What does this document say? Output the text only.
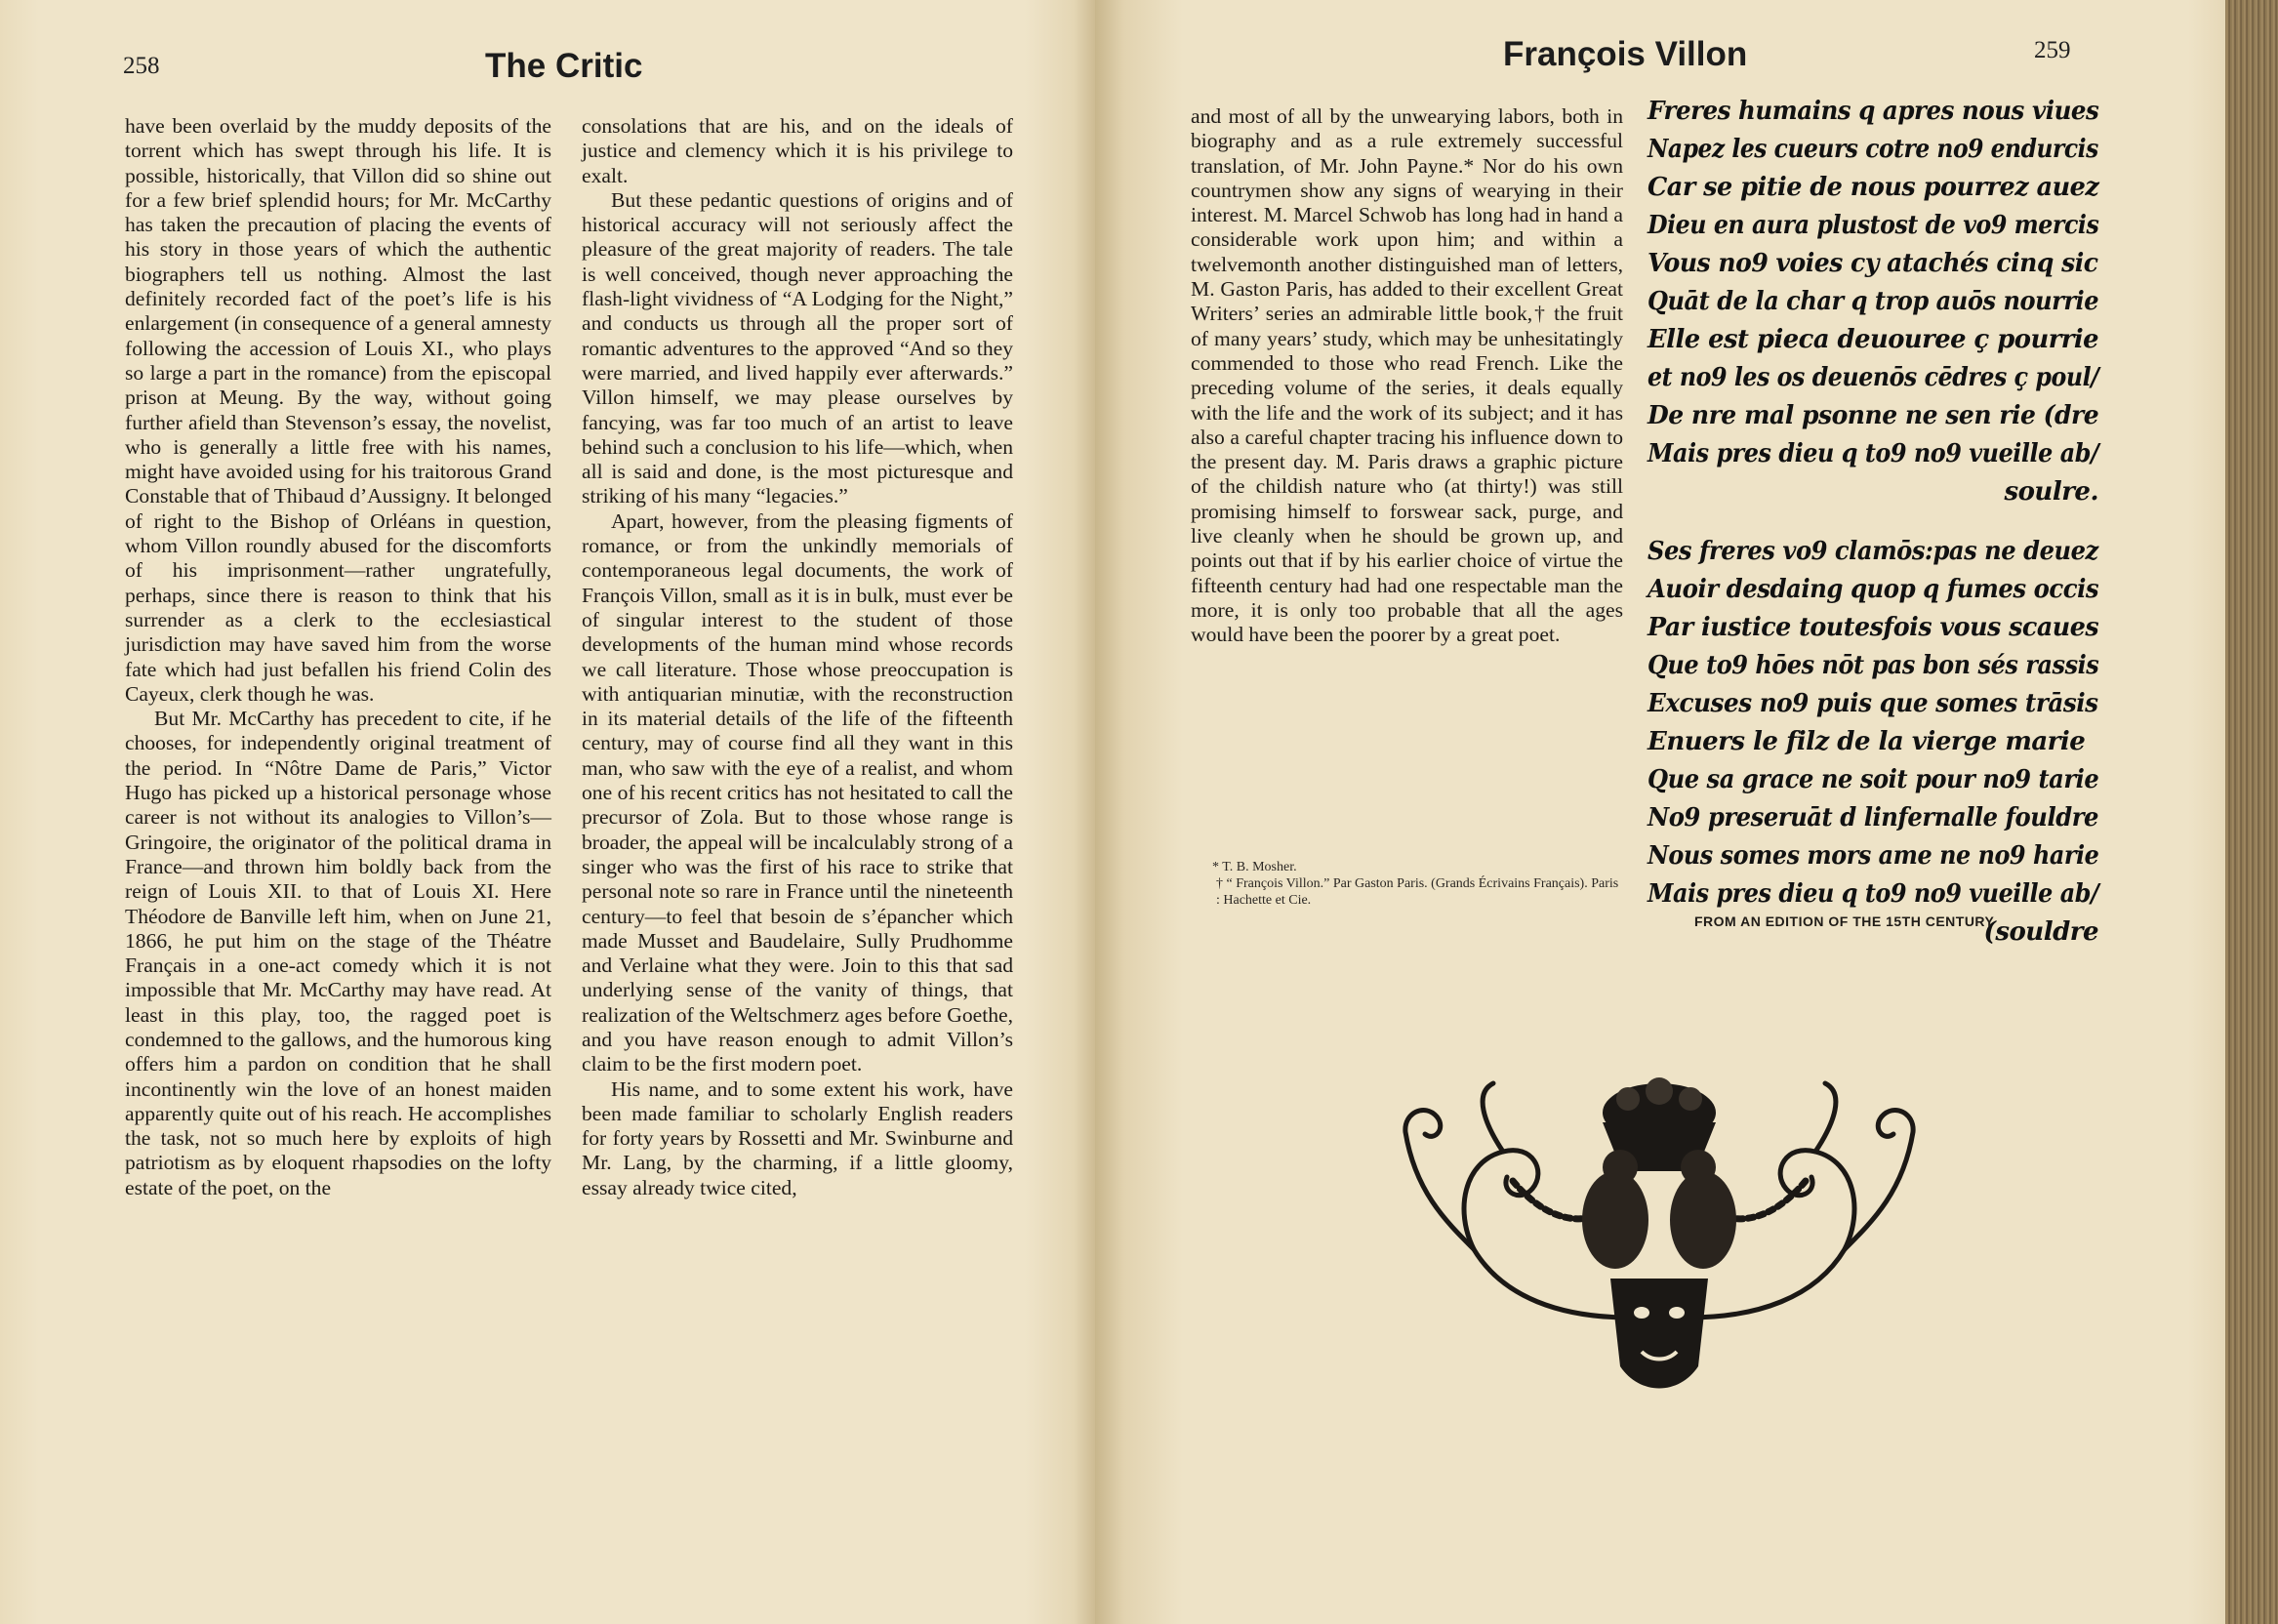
258	The Critic

have been overlaid by the muddy deposits of the torrent which has swept through his life. It is possible, historically, that Villon did so shine out for a few brief splendid hours; for Mr. McCarthy has taken the precaution of placing the events of his story in those years of which the authentic biographers tell us nothing. Almost the last definitely recorded fact of the poet’s life is his enlargement (in consequence of a general amnesty following the accession of Louis XI., who plays so large a part in the romance) from the episcopal prison at Meung. By the way, without going further afield than Stevenson’s essay, the novelist, who is generally a little free with his names, might have avoided using for his traitorous Grand Constable that of Thibaud d’Aussigny. It belonged of right to the Bishop of Orléans in question, whom Villon roundly abused for the discomforts of his imprisonment—rather ungratefully, perhaps, since there is reason to think that his surrender as a clerk to the ecclesiastical jurisdiction may have saved him from the worse fate which had just befallen his friend Colin des Cayeux, clerk though he was.

But Mr. McCarthy has precedent to cite, if he chooses, for independently original treatment of the period. In “Nôtre Dame de Paris,” Victor Hugo has picked up a historical personage whose career is not without its analogies to Villon’s—Gringoire, the originator of the political drama in France—and thrown him boldly back from the reign of Louis XII. to that of Louis XI. Here Théodore de Banville left him, when on June 21, 1866, he put him on the stage of the Théatre Français in a one-act comedy which it is not impossible that Mr. McCarthy may have read. At least in this play, too, the ragged poet is condemned to the gallows, and the humorous king offers him a pardon on condition that he shall incontinently win the love of an honest maiden apparently quite out of his reach. He accomplishes the task, not so much here by exploits of high patriotism as by eloquent rhapsodies on the lofty estate of the poet, on the

consolations that are his, and on the ideals of justice and clemency which it is his privilege to exalt.

But these pedantic questions of origins and of historical accuracy will not seriously affect the pleasure of the great majority of readers. The tale is well conceived, though never approaching the flash-light vividness of “A Lodging for the Night,” and conducts us through all the proper sort of romantic adventures to the approved “And so they were married, and lived happily ever afterwards.” Villon himself, we may please ourselves by fancying, was far too much of an artist to leave behind such a conclusion to his life—which, when all is said and done, is the most picturesque and striking of his many “legacies.”

Apart, however, from the pleasing figments of romance, or from the unkindly memorials of contemporaneous legal documents, the work of François Villon, small as it is in bulk, must ever be of singular interest to the student of those developments of the human mind whose records we call literature. Those whose preoccupation is with antiquarian minutiæ, with the reconstruction in its material details of the life of the fifteenth century, may of course find all they want in this man, who saw with the eye of a realist, and whom one of his recent critics has not hesitated to call the precursor of Zola. But to those whose range is broader, the appeal will be incalculably strong of a singer who was the first of his race to strike that personal note so rare in France until the nineteenth century—to feel that besoin de s’épancher which made Musset and Baudelaire, Sully Prudhomme and Verlaine what they were. Join to this that sad underlying sense of the vanity of things, that realization of the Weltschmerz ages before Goethe, and you have reason enough to admit Villon’s claim to be the first modern poet.

His name, and to some extent his work, have been made familiar to scholarly English readers for forty years by Rossetti and Mr. Swinburne and Mr. Lang, by the charming, if a little gloomy, essay already twice cited,

François Villon	259

and most of all by the unwearying labors, both in biography and as a rule extremely successful translation, of Mr. John Payne.* Nor do his own countrymen show any signs of wearying in their interest. M. Marcel Schwob has long had in hand a considerable work upon him; and within a twelvemonth another distinguished man of letters, M. Gaston Paris, has added to their excellent Great Writers’ series an admirable little book,† the fruit of many years’ study, which may be unhesitatingly commended to those who read French. Like the preceding volume of the series, it deals equally with the life and the work of its subject; and it has also a careful chapter tracing his influence down to the present day. M. Paris draws a graphic picture of the childish nature who (at thirty!) was still promising himself to forswear sack, purge, and live cleanly when he should be grown up, and points out that if by his earlier choice of virtue the fifteenth century had had one respectable man the more, it is only too probable that all the ages would have been the poorer by a great poet.

* T. B. Mosher.
† “ François Villon.” Par Gaston Paris. (Grands Écrivains Français). Paris : Hachette et Cie.
Freres humains q apres nous viues
Napez les cueurs cotre no9 endurcis
Car se pitie de nous pourrez auez
Dieu en aura plustost de vo9 mercis
Vous no9 voies cy atachés cinq sic
Quāt de la char q trop auōs nourrie
Elle est pieca deuouree ç pourrie
et no9 les os deuenōs cēdres ç poul/
De nre mal psonne ne sen rie (dre
Mais pres dieu q to9 no9 vueille ab/
soulre.
Ses freres vo9 clamōs:pas ne deuez
Auoir desdaing quop q fumes occis
Par iustice toutesfois vous scaues
Que to9 hōes nōt pas bon sés rassis
Excuses no9 puis que somes trāsis
Enuers le filz de la vierge marie
Que sa grace ne soit pour no9 tarie
No9 preseruāt d linfernalle fouldre
Nous somes mors ame ne no9 harie
Mais pres dieu q to9 no9 vueille ab/
(souldre
FROM AN EDITION OF THE 15TH CENTURY
